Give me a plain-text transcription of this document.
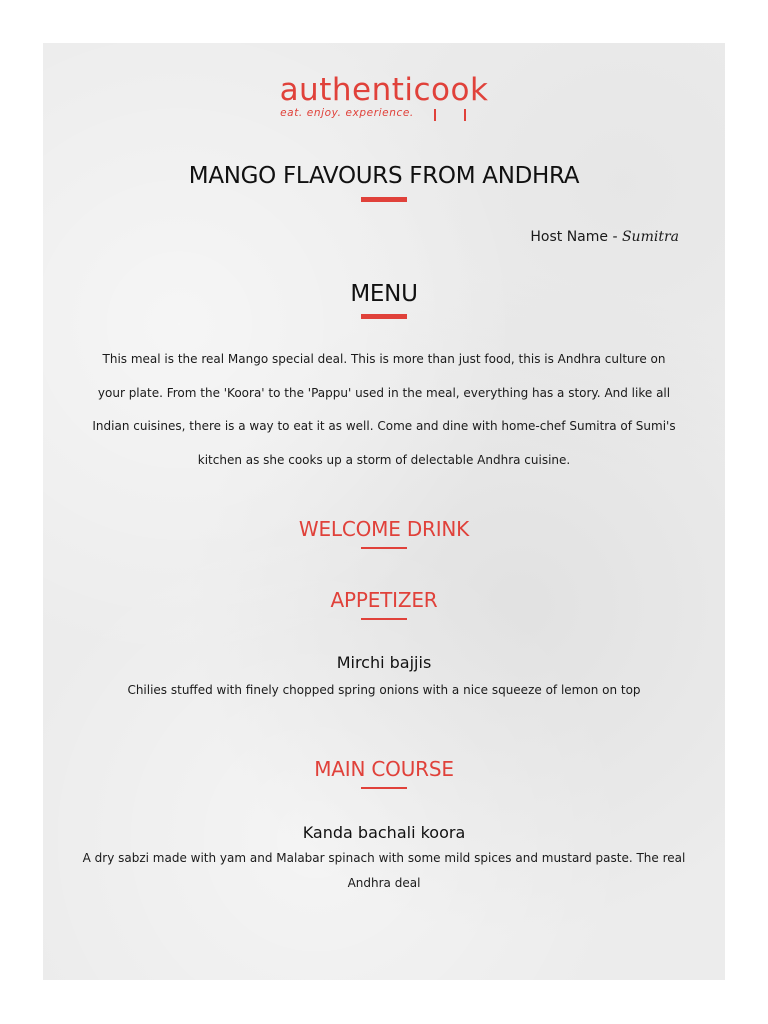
authenticook
eat. enjoy. experience.
MANGO FLAVOURS FROM ANDHRA
Host Name - Sumitra
MENU
This meal is the real Mango special deal. This is more than just food, this is Andhra culture on your plate. From the 'Koora' to the 'Pappu' used in the meal, everything has a story. And like all Indian cuisines, there is a way to eat it as well. Come and dine with home-chef Sumitra of Sumi's kitchen as she cooks up a storm of delectable Andhra cuisine.
WELCOME DRINK
APPETIZER
Mirchi bajjis
Chilies stuffed with finely chopped spring onions with a nice squeeze of lemon on top
MAIN COURSE
Kanda bachali koora
A dry sabzi made with yam and Malabar spinach with some mild spices and mustard paste. The real
Andhra deal
